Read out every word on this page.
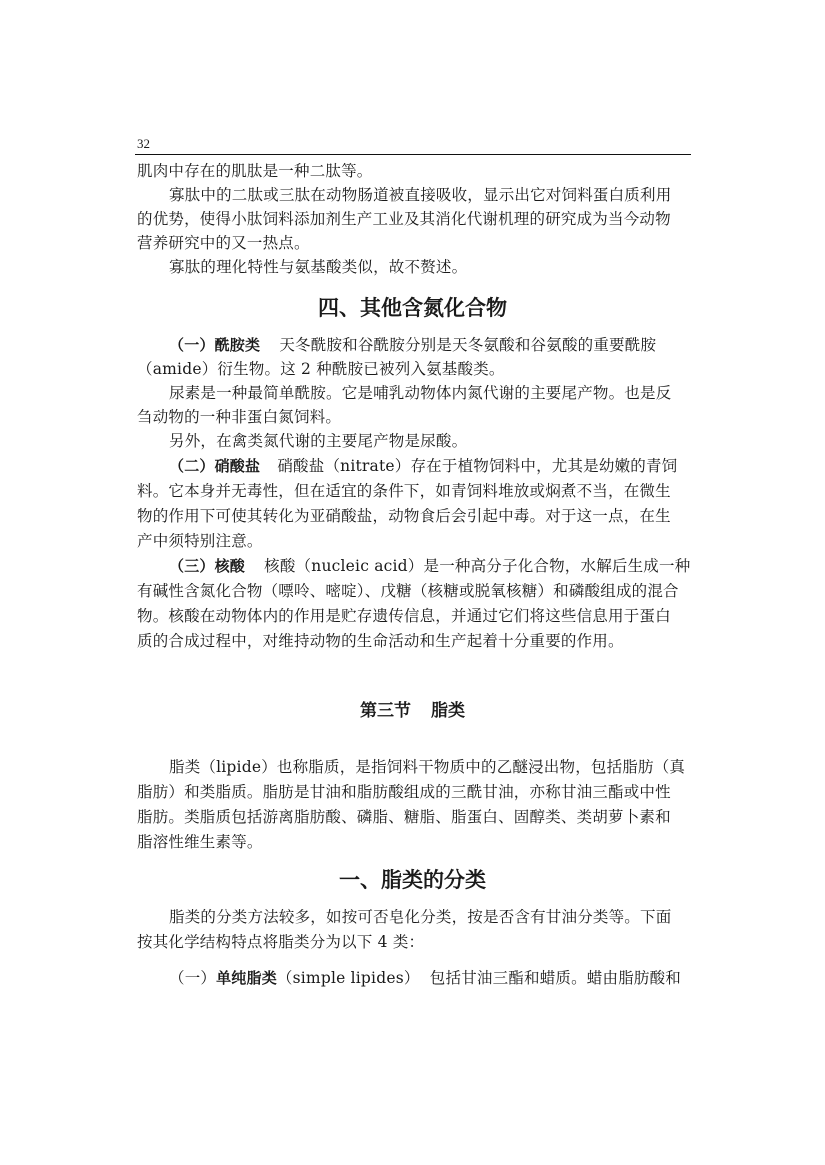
32
肌肉中存在的肌肽是一种二肽等。
寡肽中的二肽或三肽在动物肠道被直接吸收，显示出它对饲料蛋白质利用
的优势，使得小肽饲料添加剂生产工业及其消化代谢机理的研究成为当今动物
营养研究中的又一热点。
寡肽的理化特性与氨基酸类似，故不赘述。
四、其他含氮化合物
（一）酰胺类 天冬酰胺和谷酰胺分别是天冬氨酸和谷氨酸的重要酰胺
（amide）衍生物。这 2 种酰胺已被列入氨基酸类。
尿素是一种最简单酰胺。它是哺乳动物体内氮代谢的主要尾产物。也是反
刍动物的一种非蛋白氮饲料。
另外，在禽类氮代谢的主要尾产物是尿酸。
（二）硝酸盐 硝酸盐（nitrate）存在于植物饲料中，尤其是幼嫩的青饲
料。它本身并无毒性，但在适宜的条件下，如青饲料堆放或焖煮不当，在微生
物的作用下可使其转化为亚硝酸盐，动物食后会引起中毒。对于这一点，在生
产中须特别注意。
（三）核酸 核酸（nucleic acid）是一种高分子化合物，水解后生成一种
有碱性含氮化合物（嘌呤、嘧啶）、戊糖（核糖或脱氧核糖）和磷酸组成的混合
物。核酸在动物体内的作用是贮存遗传信息，并通过它们将这些信息用于蛋白
质的合成过程中，对维持动物的生命活动和生产起着十分重要的作用。
第三节 脂类
脂类（lipide）也称脂质，是指饲料干物质中的乙醚浸出物，包括脂肪（真
脂肪）和类脂质。脂肪是甘油和脂肪酸组成的三酰甘油，亦称甘油三酯或中性
脂肪。类脂质包括游离脂肪酸、磷脂、糖脂、脂蛋白、固醇类、类胡萝卜素和
脂溶性维生素等。
一、脂类的分类
脂类的分类方法较多，如按可否皂化分类，按是否含有甘油分类等。下面
按其化学结构特点将脂类分为以下 4 类：
（一）单纯脂类（simple lipides）  包括甘油三酯和蜡质。蜡由脂肪酸和
